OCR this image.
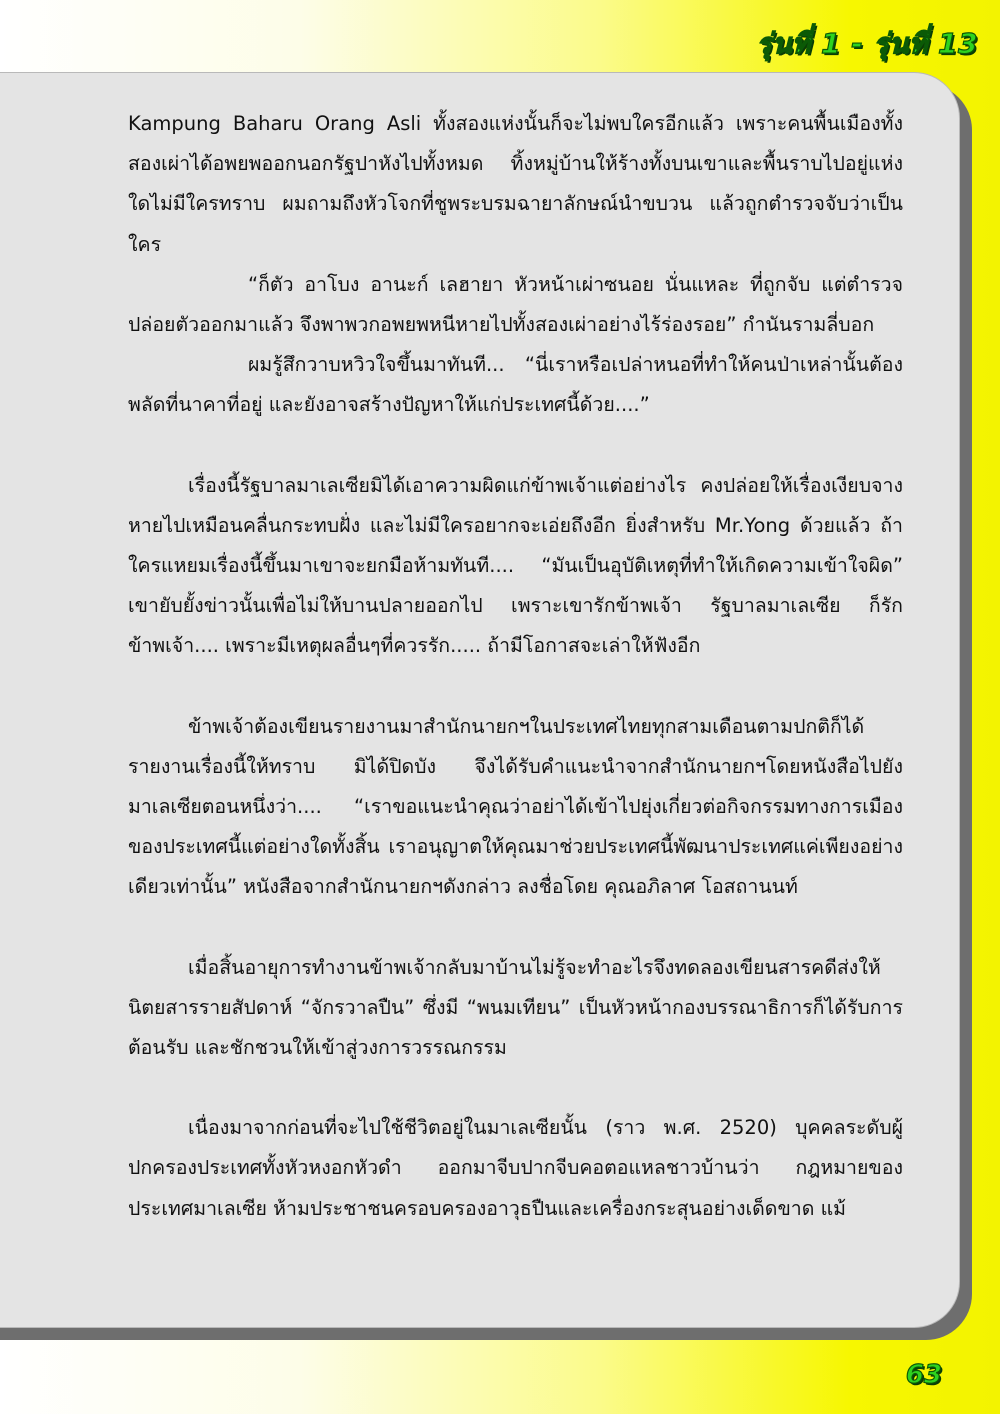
รุ่นที่ 1 - รุ่นที่ 13

Kampung Baharu Orang Asli ทั้งสองแห่งนั้นก็จะไม่พบใครอีกแล้ว เพราะคนพื้นเมืองทั้งสองเผ่าได้อพยพออกนอกรัฐปาหังไปทั้งหมด ทิ้งหมู่บ้านให้ร้างทั้งบนเขาและพื้นราบไปอยู่แห่งใดไม่มีใครทราบ ผมถามถึงหัวโจกที่ชูพระบรมฉายาลักษณ์นำขบวน แล้วถูกตำรวจจับว่าเป็นใคร

“ก็ตัว อาโบง อานะก์ เลฮายา หัวหน้าเผ่าซนอย นั่นแหละ ที่ถูกจับ แต่ตำรวจปล่อยตัวออกมาแล้ว จึงพาพวกอพยพหนีหายไปทั้งสองเผ่าอย่างไร้ร่องรอย” กำนันรามลี่บอก

ผมรู้สึกวาบหวิวใจขึ้นมาทันที... “นี่เราหรือเปล่าหนอที่ทำให้คนป่าเหล่านั้นต้องพลัดที่นาคาที่อยู่ และยังอาจสร้างปัญหาให้แก่ประเทศนี้ด้วย....”

เรื่องนี้รัฐบาลมาเลเซียมิได้เอาความผิดแก่ข้าพเจ้าแต่อย่างไร คงปล่อยให้เรื่องเงียบจางหายไปเหมือนคลื่นกระทบฝั่ง และไม่มีใครอยากจะเอ่ยถึงอีก ยิ่งสำหรับ Mr.Yong ด้วยแล้ว ถ้าใครแหยมเรื่องนี้ขึ้นมาเขาจะยกมือห้ามทันที.... “มันเป็นอุบัติเหตุที่ทำให้เกิดความเข้าใจผิด” เขายับยั้งข่าวนั้นเพื่อไม่ให้บานปลายออกไป เพราะเขารักข้าพเจ้า รัฐบาลมาเลเซีย ก็รักข้าพเจ้า.... เพราะมีเหตุผลอื่นๆที่ควรรัก..... ถ้ามีโอกาสจะเล่าให้ฟังอีก

ข้าพเจ้าต้องเขียนรายงานมาสำนักนายกฯในประเทศไทยทุกสามเดือนตามปกติก็ได้รายงานเรื่องนี้ให้ทราบ มิได้ปิดบัง จึงได้รับคำแนะนำจากสำนักนายกฯโดยหนังสือไปยังมาเลเซียตอนหนึ่งว่า.... “เราขอแนะนำคุณว่าอย่าได้เข้าไปยุ่งเกี่ยวต่อกิจกรรมทางการเมืองของประเทศนี้แต่อย่างใดทั้งสิ้น เราอนุญาตให้คุณมาช่วยประเทศนี้พัฒนาประเทศแค่เพียงอย่างเดียวเท่านั้น” หนังสือจากสำนักนายกฯดังกล่าว ลงชื่อโดย คุณอภิลาศ โอสถานนท์

เมื่อสิ้นอายุการทำงานข้าพเจ้ากลับมาบ้านไม่รู้จะทำอะไรจึงทดลองเขียนสารคดีส่งให้นิตยสารรายสัปดาห์ “จักรวาลปืน” ซึ่งมี “พนมเทียน” เป็นหัวหน้ากองบรรณาธิการก็ได้รับการต้อนรับ และชักชวนให้เข้าสู่วงการวรรณกรรม

เนื่องมาจากก่อนที่จะไปใช้ชีวิตอยู่ในมาเลเซียนั้น (ราว พ.ศ. 2520) บุคคลระดับผู้ปกครองประเทศทั้งหัวหงอกหัวดำ ออกมาจีบปากจีบคอตอแหลชาวบ้านว่า กฎหมายของประเทศมาเลเซีย ห้ามประชาชนครอบครองอาวุธปืนและเครื่องกระสุนอย่างเด็ดขาด แม้

63
